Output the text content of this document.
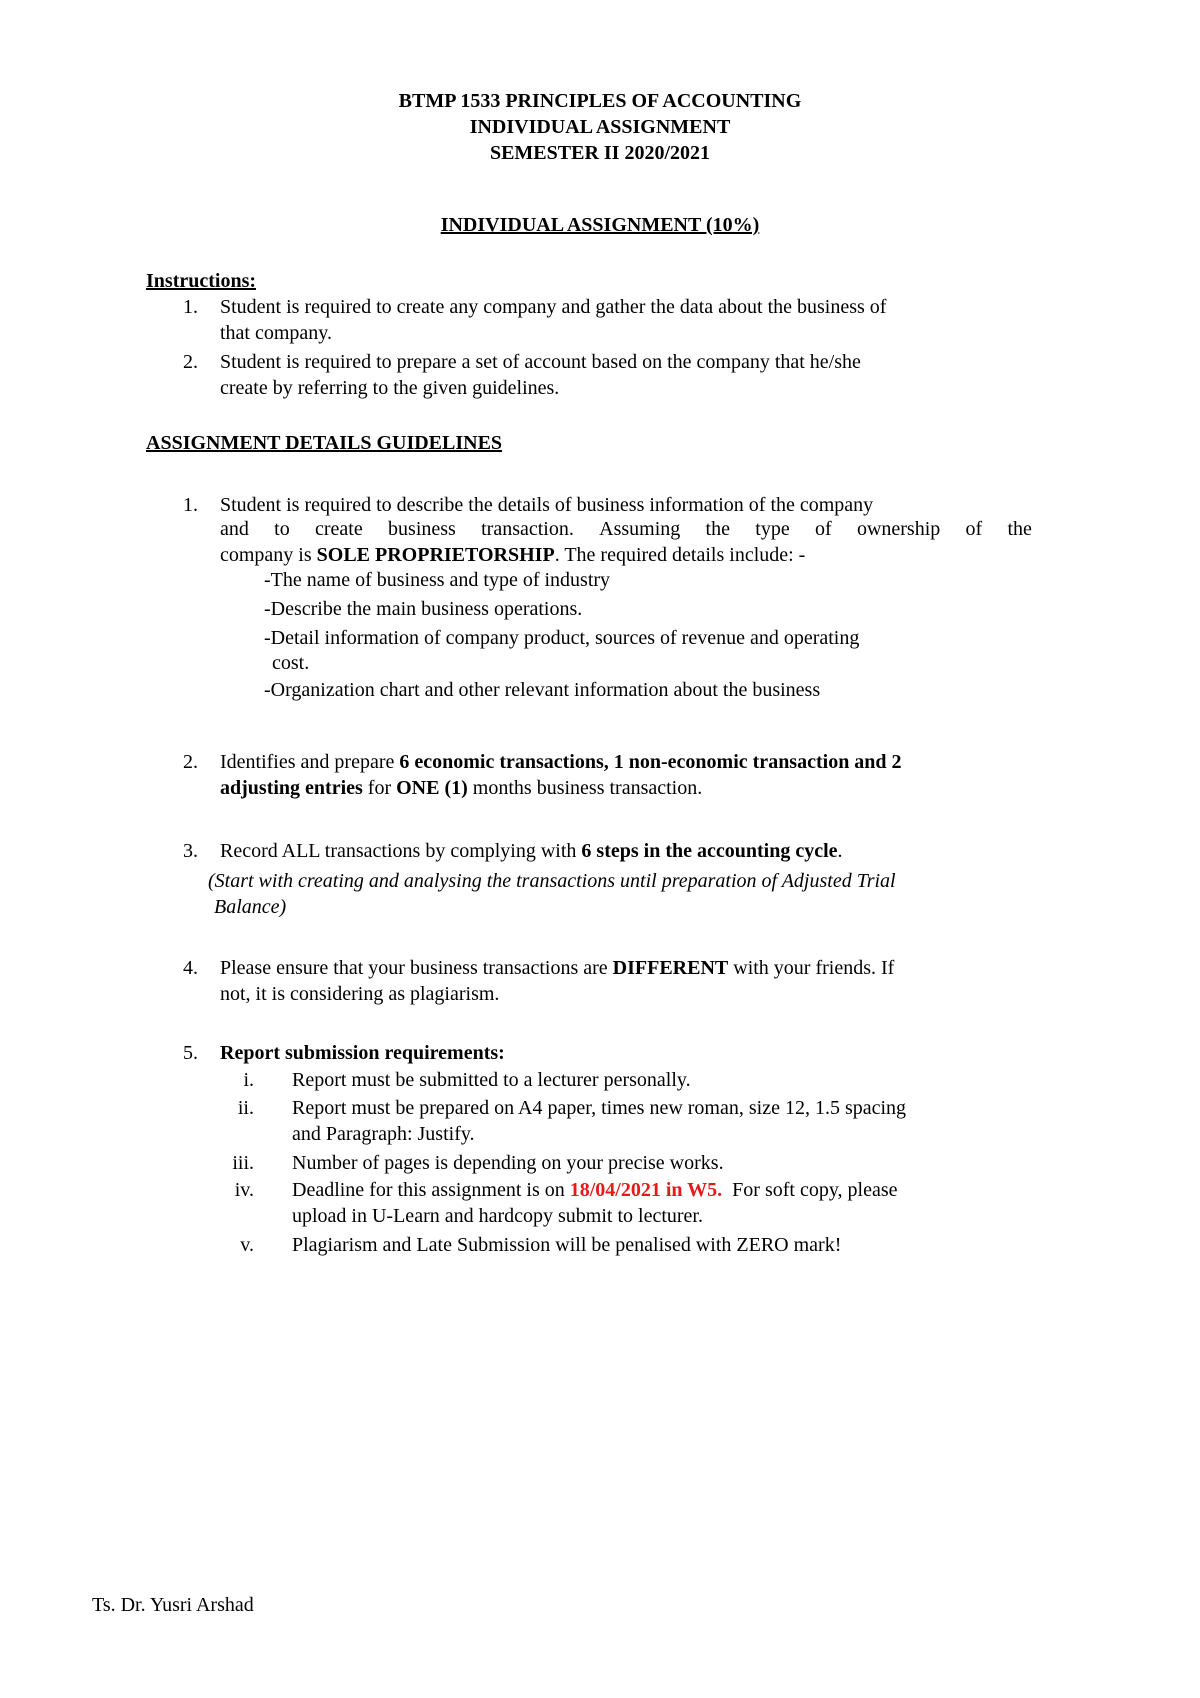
BTMP 1533 PRINCIPLES OF ACCOUNTING
INDIVIDUAL ASSIGNMENT
SEMESTER II 2020/2021
INDIVIDUAL ASSIGNMENT (10%)
Instructions:
1. Student is required to create any company and gather the data about the business of
that company.
2. Student is required to prepare a set of account based on the company that he/she
create by referring to the given guidelines.
ASSIGNMENT DETAILS GUIDELINES
1. Student is required to describe the details of business information of the company
and to create business transaction. Assuming the type of ownership of the
company is SOLE PROPRIETORSHIP. The required details include: -
-The name of business and type of industry
-Describe the main business operations.
-Detail information of company product, sources of revenue and operating
cost.
-Organization chart and other relevant information about the business
2. Identifies and prepare 6 economic transactions, 1 non-economic transaction and 2
adjusting entries for ONE (1) months business transaction.
3. Record ALL transactions by complying with 6 steps in the accounting cycle.
(Start with creating and analysing the transactions until preparation of Adjusted Trial
Balance)
4. Please ensure that your business transactions are DIFFERENT with your friends. If
not, it is considering as plagiarism.
5. Report submission requirements:
i. Report must be submitted to a lecturer personally.
ii. Report must be prepared on A4 paper, times new roman, size 12, 1.5 spacing
and Paragraph: Justify.
iii. Number of pages is depending on your precise works.
iv. Deadline for this assignment is on 18/04/2021 in W5.  For soft copy, please
upload in U-Learn and hardcopy submit to lecturer.
v. Plagiarism and Late Submission will be penalised with ZERO mark!
Ts. Dr. Yusri Arshad
